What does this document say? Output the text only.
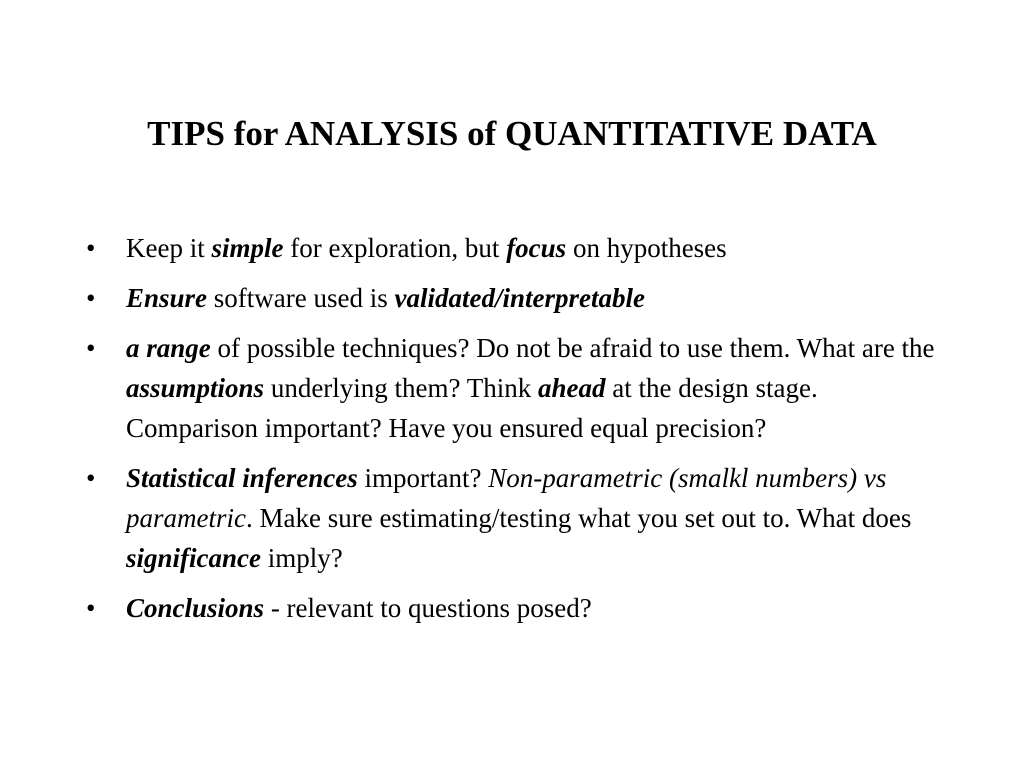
TIPS for ANALYSIS of QUANTITATIVE DATA
•	Keep it simple for exploration, but focus on hypotheses
•	Ensure software used is validated/interpretable
•	a range of possible techniques? Do not be afraid to use them. What are the assumptions underlying them? Think ahead at the design stage. Comparison important? Have you ensured equal precision?
•	Statistical inferences important? Non-parametric (smalkl numbers) vs parametric. Make sure estimating/testing what you set out to. What does significance imply?
•	Conclusions - relevant to questions posed?
